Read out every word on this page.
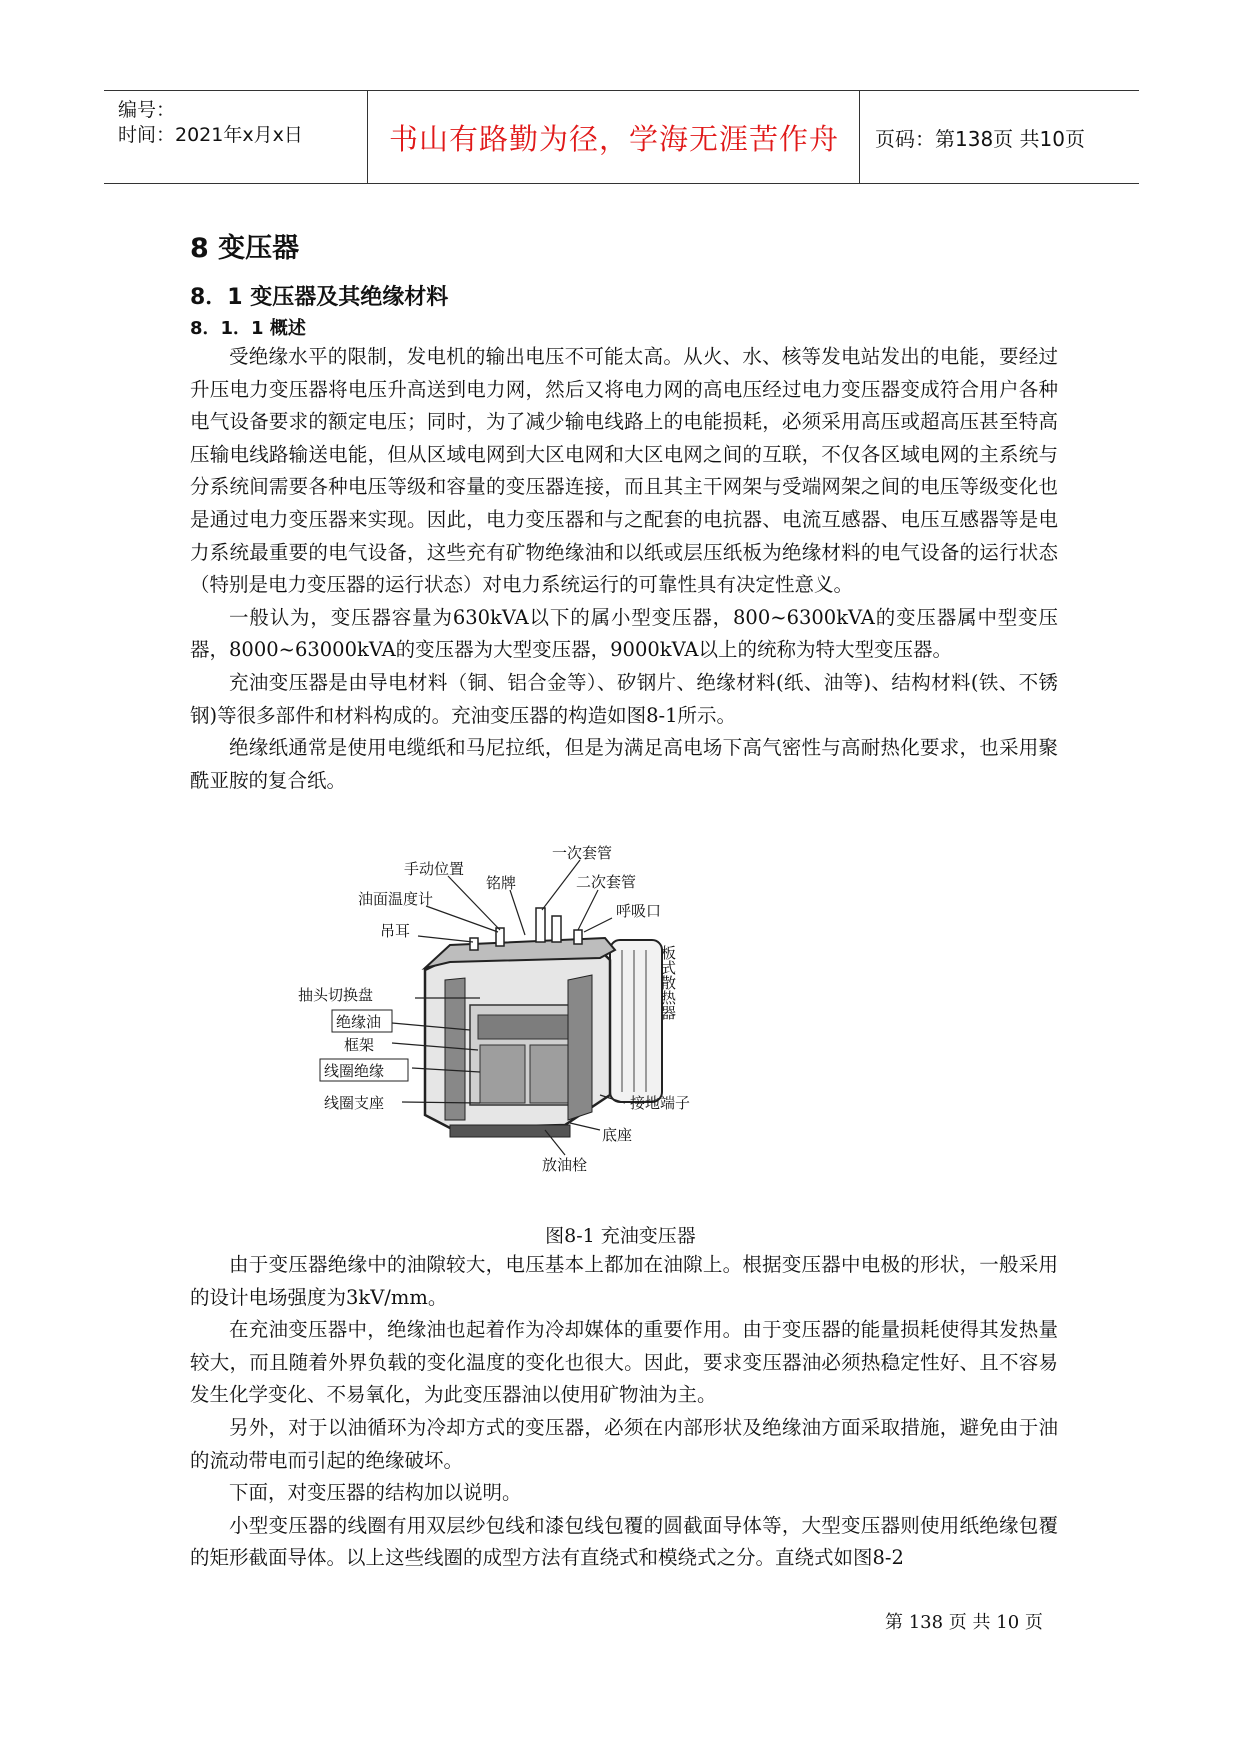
编号：
时间：2021年x月x日	书山有路勤为径，学海无涯苦作舟 页码：第138页 共10页
8 变压器
8．1 变压器及其绝缘材料
8．1．1 概述

受绝缘水平的限制，发电机的输出电压不可能太高。从火、水、核等发电站发出的电能，要经过升压电力变压器将电压升高送到电力网，然后又将电力网的高电压经过电力变压器变成符合用户各种电气设备要求的额定电压；同时，为了减少输电线路上的电能损耗，必须采用高压或超高压甚至特高压输电线路输送电能，但从区域电网到大区电网和大区电网之间的互联，不仅各区域电网的主系统与分系统间需要各种电压等级和容量的变压器连接，而且其主干网架与受端网架之间的电压等级变化也是通过电力变压器来实现。因此，电力变压器和与之配套的电抗器、电流互感器、电压互感器等是电力系统最重要的电气设备，这些充有矿物绝缘油和以纸或层压纸板为绝缘材料的电气设备的运行状态（特别是电力变压器的运行状态）对电力系统运行的可靠性具有决定性意义。

一般认为，变压器容量为630kVA以下的属小型变压器，800~6300kVA的变压器属中型变压器，8000~63000kVA的变压器为大型变压器，9000kVA以上的统称为特大型变压器。

充油变压器是由导电材料（铜、铝合金等）、矽钢片、绝缘材料(纸、油等)、结构材料(铁、不锈钢)等很多部件和材料构成的。充油变压器的构造如图8-1所示。

绝缘纸通常是使用电缆纸和马尼拉纸，但是为满足高电场下高气密性与高耐热化要求，也采用聚酰亚胺的复合纸。

手动位置
一次套管
铭牌	二次套管
油面温度计
呼吸口
吊耳
抽头切换盘
绝缘油
框架
线圈绝缘
线圈支座	接地端子
底座
放油栓
板式散热器
图8-1 充油变压器

由于变压器绝缘中的油隙较大，电压基本上都加在油隙上。根据变压器中电极的形状，一般采用的设计电场强度为3kV/mm。

在充油变压器中，绝缘油也起着作为冷却媒体的重要作用。由于变压器的能量损耗使得其发热量较大，而且随着外界负载的变化温度的变化也很大。因此，要求变压器油必须热稳定性好、且不容易发生化学变化、不易氧化，为此变压器油以使用矿物油为主。

另外，对于以油循环为冷却方式的变压器，必须在内部形状及绝缘油方面采取措施，避免由于油的流动带电而引起的绝缘破坏。

下面，对变压器的结构加以说明。

小型变压器的线圈有用双层纱包线和漆包线包覆的圆截面导体等，大型变压器则使用纸绝缘包覆的矩形截面导体。以上这些线圈的成型方法有直绕式和模绕式之分。直绕式如图8-2

第 138 页 共 10 页
